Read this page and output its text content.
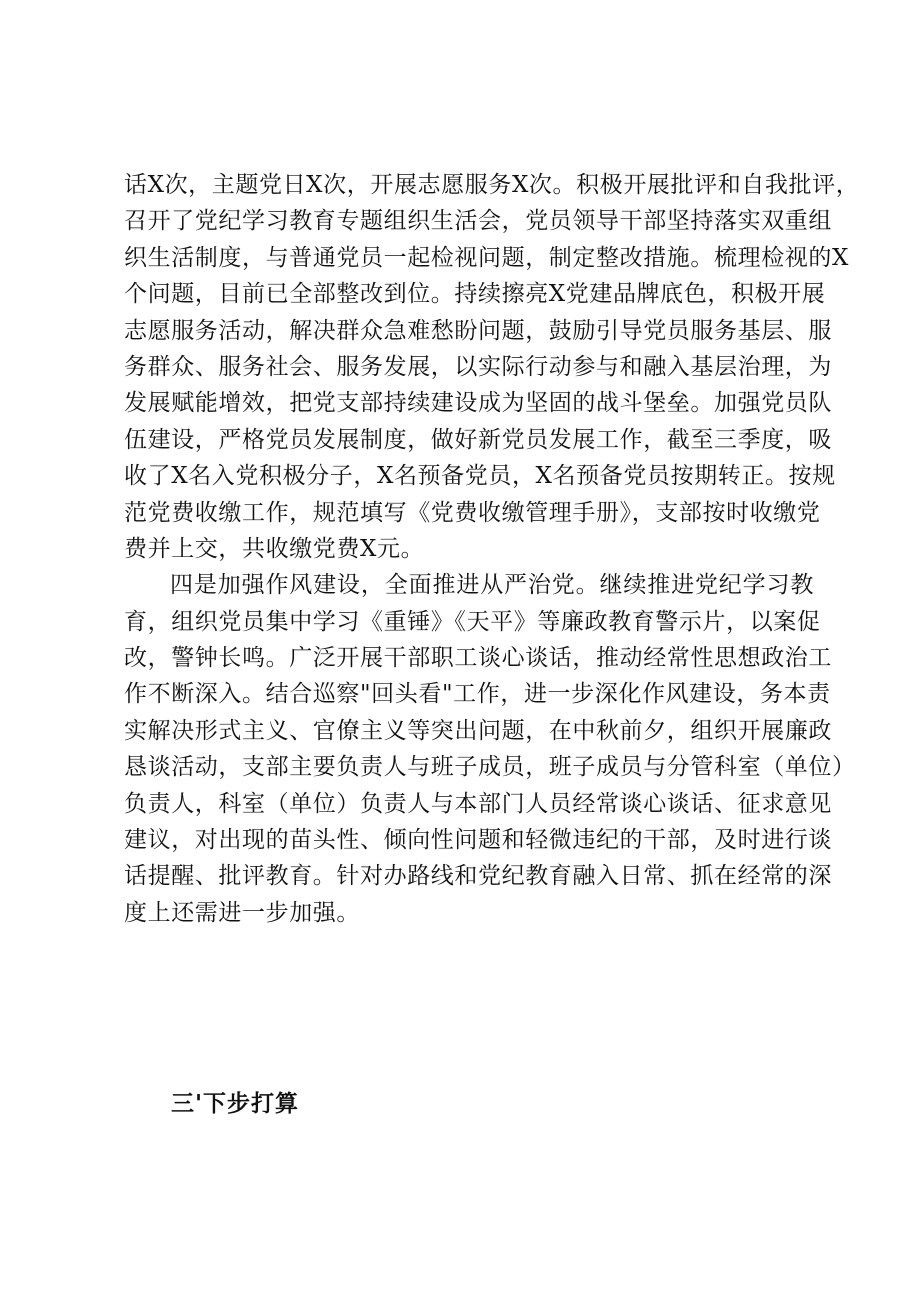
话X次，主题党日X次，开展志愿服务X次。积极开展批评和自我批评，
召开了党纪学习教育专题组织生活会，党员领导干部坚持落实双重组
织生活制度，与普通党员一起检视问题，制定整改措施。梳理检视的X
个问题，目前已全部整改到位。持续擦亮X党建品牌底色，积极开展
志愿服务活动，解决群众急难愁盼问题，鼓励引导党员服务基层、服
务群众、服务社会、服务发展，以实际行动参与和融入基层治理，为
发展赋能增效，把党支部持续建设成为坚固的战斗堡垒。加强党员队
伍建设，严格党员发展制度，做好新党员发展工作，截至三季度，吸
收了X名入党积极分子，X名预备党员，X名预备党员按期转正。按规
范党费收缴工作，规范填写《党费收缴管理手册》，支部按时收缴党
费并上交，共收缴党费X元。
四是加强作风建设，全面推进从严治党。继续推进党纪学习教
育，组织党员集中学习《重锤》《天平》等廉政教育警示片，以案促
改，警钟长鸣。广泛开展干部职工谈心谈话，推动经常性思想政治工
作不断深入。结合巡察"回头看"工作，进一步深化作风建设，务本责
实解决形式主义、官僚主义等突出问题，在中秋前夕，组织开展廉政
恳谈活动，支部主要负责人与班子成员，班子成员与分管科室（单位）
负责人，科室（单位）负责人与本部门人员经常谈心谈话、征求意见
建议，对出现的苗头性、倾向性问题和轻微违纪的干部，及时进行谈
话提醒、批评教育。针对办路线和党纪教育融入日常、抓在经常的深
度上还需进一步加强。
三'下步打算
